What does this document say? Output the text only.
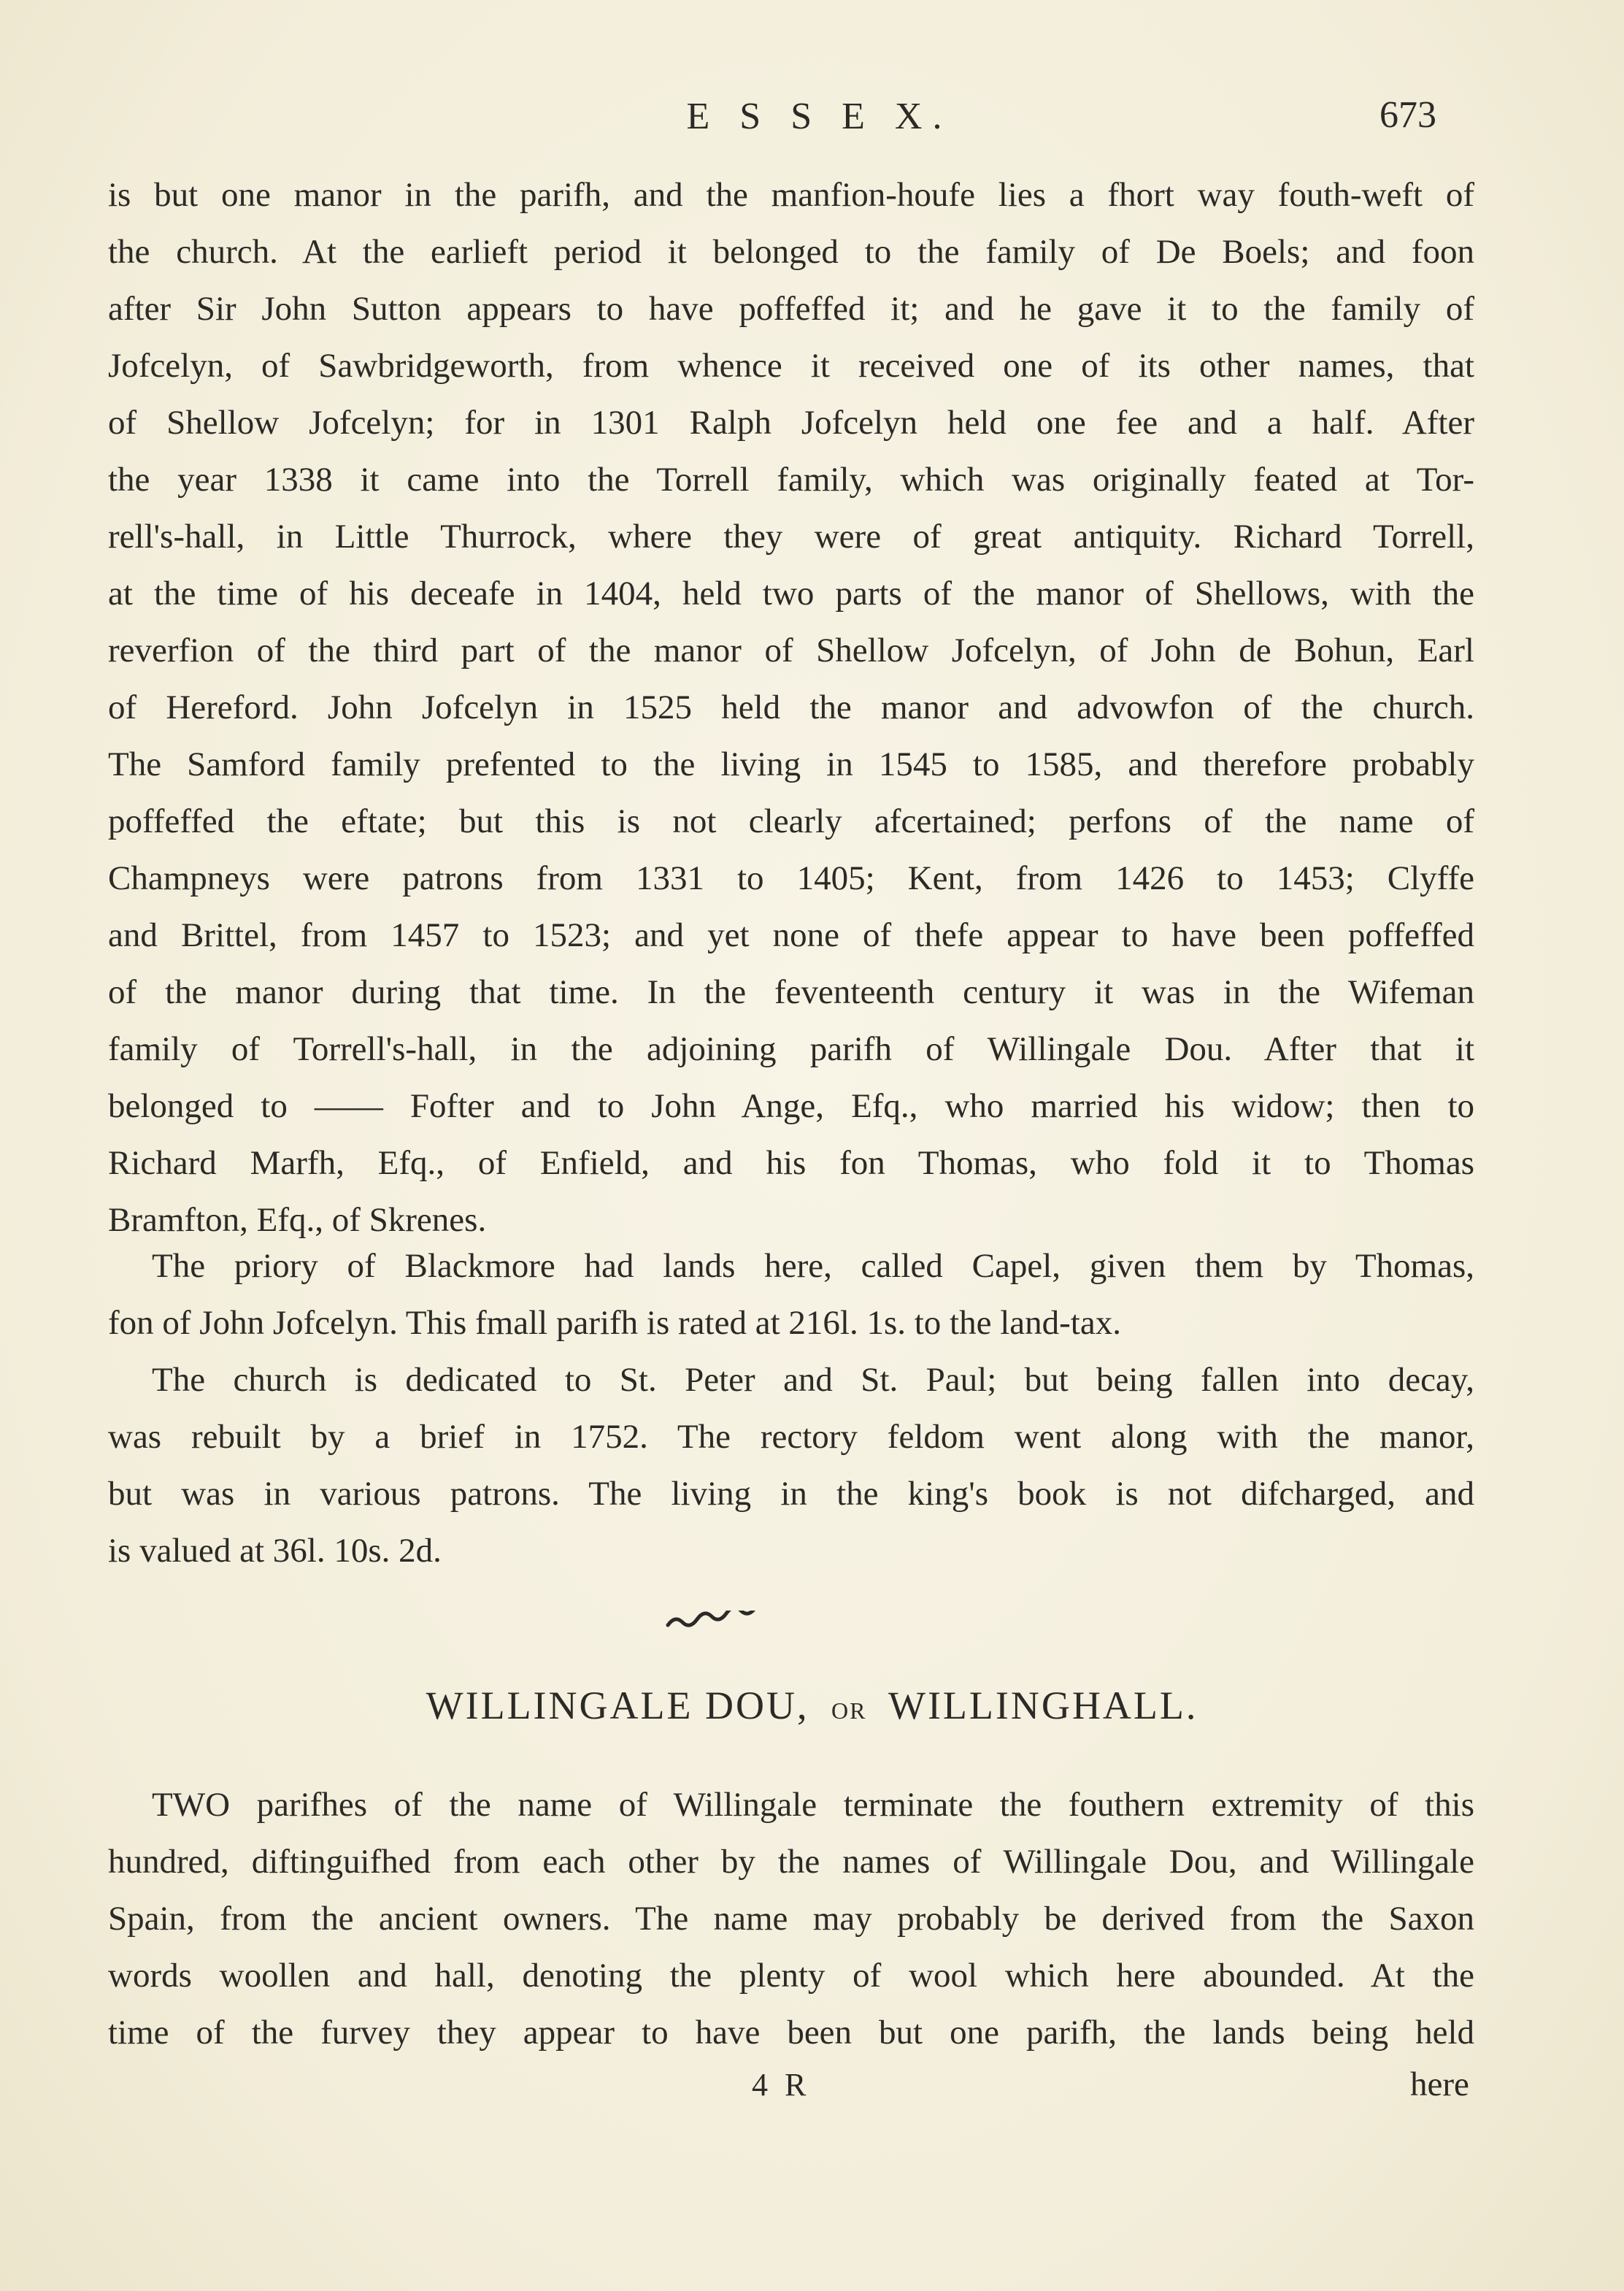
E S S E X.	673
is but one manor in the parifh, and the manfion-houfe lies a fhort way fouth-weft of
the church. At the earlieft period it belonged to the family of De Boels; and foon
after Sir John Sutton appears to have poffeffed it; and he gave it to the family of
Jofcelyn, of Sawbridgeworth, from whence it received one of its other names, that
of Shellow Jofcelyn; for in 1301 Ralph Jofcelyn held one fee and a half. After
the year 1338 it came into the Torrell family, which was originally feated at Tor-
rell's-hall, in Little Thurrock, where they were of great antiquity. Richard Torrell,
at the time of his deceafe in 1404, held two parts of the manor of Shellows, with the
reverfion of the third part of the manor of Shellow Jofcelyn, of John de Bohun, Earl
of Hereford. John Jofcelyn in 1525 held the manor and advowfon of the church.
The Samford family prefented to the living in 1545 to 1585, and therefore probably
poffeffed the eftate; but this is not clearly afcertained; perfons of the name of
Champneys were patrons from 1331 to 1405; Kent, from 1426 to 1453; Clyffe
and Brittel, from 1457 to 1523; and yet none of thefe appear to have been poffeffed
of the manor during that time. In the feventeenth century it was in the Wifeman
family of Torrell's-hall, in the adjoining parifh of Willingale Dou. After that it
belonged to —— Fofter and to John Ange, Efq., who married his widow; then to
Richard Marfh, Efq., of Enfield, and his fon Thomas, who fold it to Thomas
Bramfton, Efq., of Skrenes.
The priory of Blackmore had lands here, called Capel, given them by Thomas,
fon of John Jofcelyn. This fmall parifh is rated at 216l. 1s. to the land-tax.
The church is dedicated to St. Peter and St. Paul; but being fallen into decay,
was rebuilt by a brief in 1752. The rectory feldom went along with the manor,
but was in various patrons. The living in the king's book is not difcharged, and
is valued at 36l. 10s. 2d.
WILLINGALE DOU, OR WILLINGHALL.
TWO parifhes of the name of Willingale terminate the fouthern extremity of this
hundred, diftinguifhed from each other by the names of Willingale Dou, and Willingale
Spain, from the ancient owners. The name may probably be derived from the Saxon
words woollen and hall, denoting the plenty of wool which here abounded. At the
time of the furvey they appear to have been but one parifh, the lands being held
4 R	here
